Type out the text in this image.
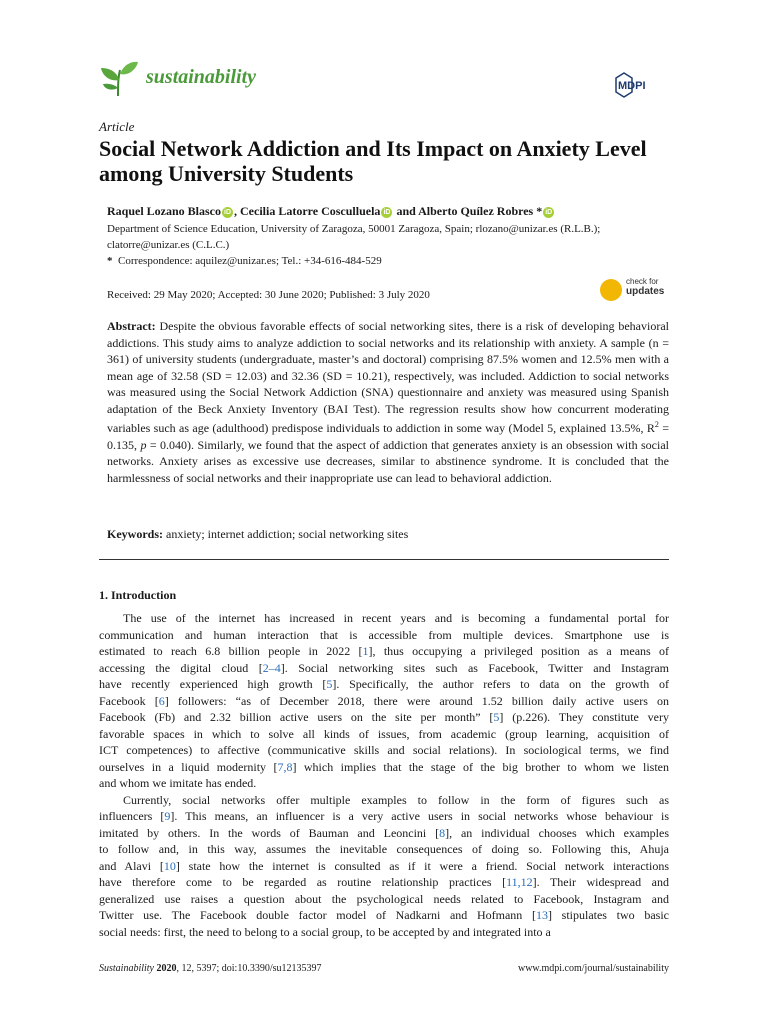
sustainability	MDPI
Article
Social Network Addiction and Its Impact on Anxiety Level among University Students
Raquel Lozano Blasco iD , Cecilia Latorre Cosculluela iD and Alberto Quílez Robres * iD
Department of Science Education, University of Zaragoza, 50001 Zaragoza, Spain; rlozano@unizar.es (R.L.B.);
clatorre@unizar.es (C.L.C.)
* Correspondence: aquilez@unizar.es; Tel.: +34-616-484-529
check for
updates
Received: 29 May 2020; Accepted: 30 June 2020; Published: 3 July 2020
Abstract: Despite the obvious favorable effects of social networking sites, there is a risk of developing behavioral addictions. This study aims to analyze addiction to social networks and its relationship with anxiety. A sample (n = 361) of university students (undergraduate, master’s and doctoral) comprising 87.5% women and 12.5% men with a mean age of 32.58 (SD = 12.03) and 32.36 (SD = 10.21), respectively, was included. Addiction to social networks was measured using the Social Network Addiction (SNA) questionnaire and anxiety was measured using Spanish adaptation of the Beck Anxiety Inventory (BAI Test). The regression results show how concurrent moderating variables such as age (adulthood) predispose individuals to addiction in some way (Model 5, explained 13.5%, $R^2 = 0.135$, p = 0.040). Similarly, we found that the aspect of addiction that generates anxiety is an obsession with social networks. Anxiety arises as excessive use decreases, similar to abstinence syndrome. It is concluded that the harmlessness of social networks and their inappropriate use can lead to behavioral addiction.
Keywords: anxiety; internet addiction; social networking sites
1. Introduction
The use of the internet has increased in recent years and is becoming a fundamental portal for
communication and human interaction that is accessible from multiple devices. Smartphone use is
estimated to reach 6.8 billion people in 2022 [1], thus occupying a privileged position as a means of
accessing the digital cloud [2–4]. Social networking sites such as Facebook, Twitter and Instagram
have recently experienced high growth [5]. Specifically, the author refers to data on the growth of
Facebook [6] followers: “as of December 2018, there were around 1.52 billion daily active users on
Facebook (Fb) and 2.32 billion active users on the site per month” [5] (p.226). They constitute very
favorable spaces in which to solve all kinds of issues, from academic (group learning, acquisition of
ICT competences) to affective (communicative skills and social relations). In sociological terms, we find
ourselves in a liquid modernity [7,8] which implies that the stage of the big brother to whom we listen
and whom we imitate has ended.
Currently, social networks offer multiple examples to follow in the form of figures such as
influencers [9]. This means, an influencer is a very active users in social networks whose behaviour is
imitated by others. In the words of Bauman and Leoncini [8], an individual chooses which examples
to follow and, in this way, assumes the inevitable consequences of doing so. Following this, Ahuja
and Alavi [10] state how the internet is consulted as if it were a friend. Social network interactions
have therefore come to be regarded as routine relationship practices [11,12]. Their widespread and
generalized use raises a question about the psychological needs related to Facebook, Instagram and
Twitter use. The Facebook double factor model of Nadkarni and Hofmann [13] stipulates two basic
social needs: first, the need to belong to a social group, to be accepted by and integrated into a
Sustainability 2020, 12, 5397; doi:10.3390/su12135397	www.mdpi.com/journal/sustainability
